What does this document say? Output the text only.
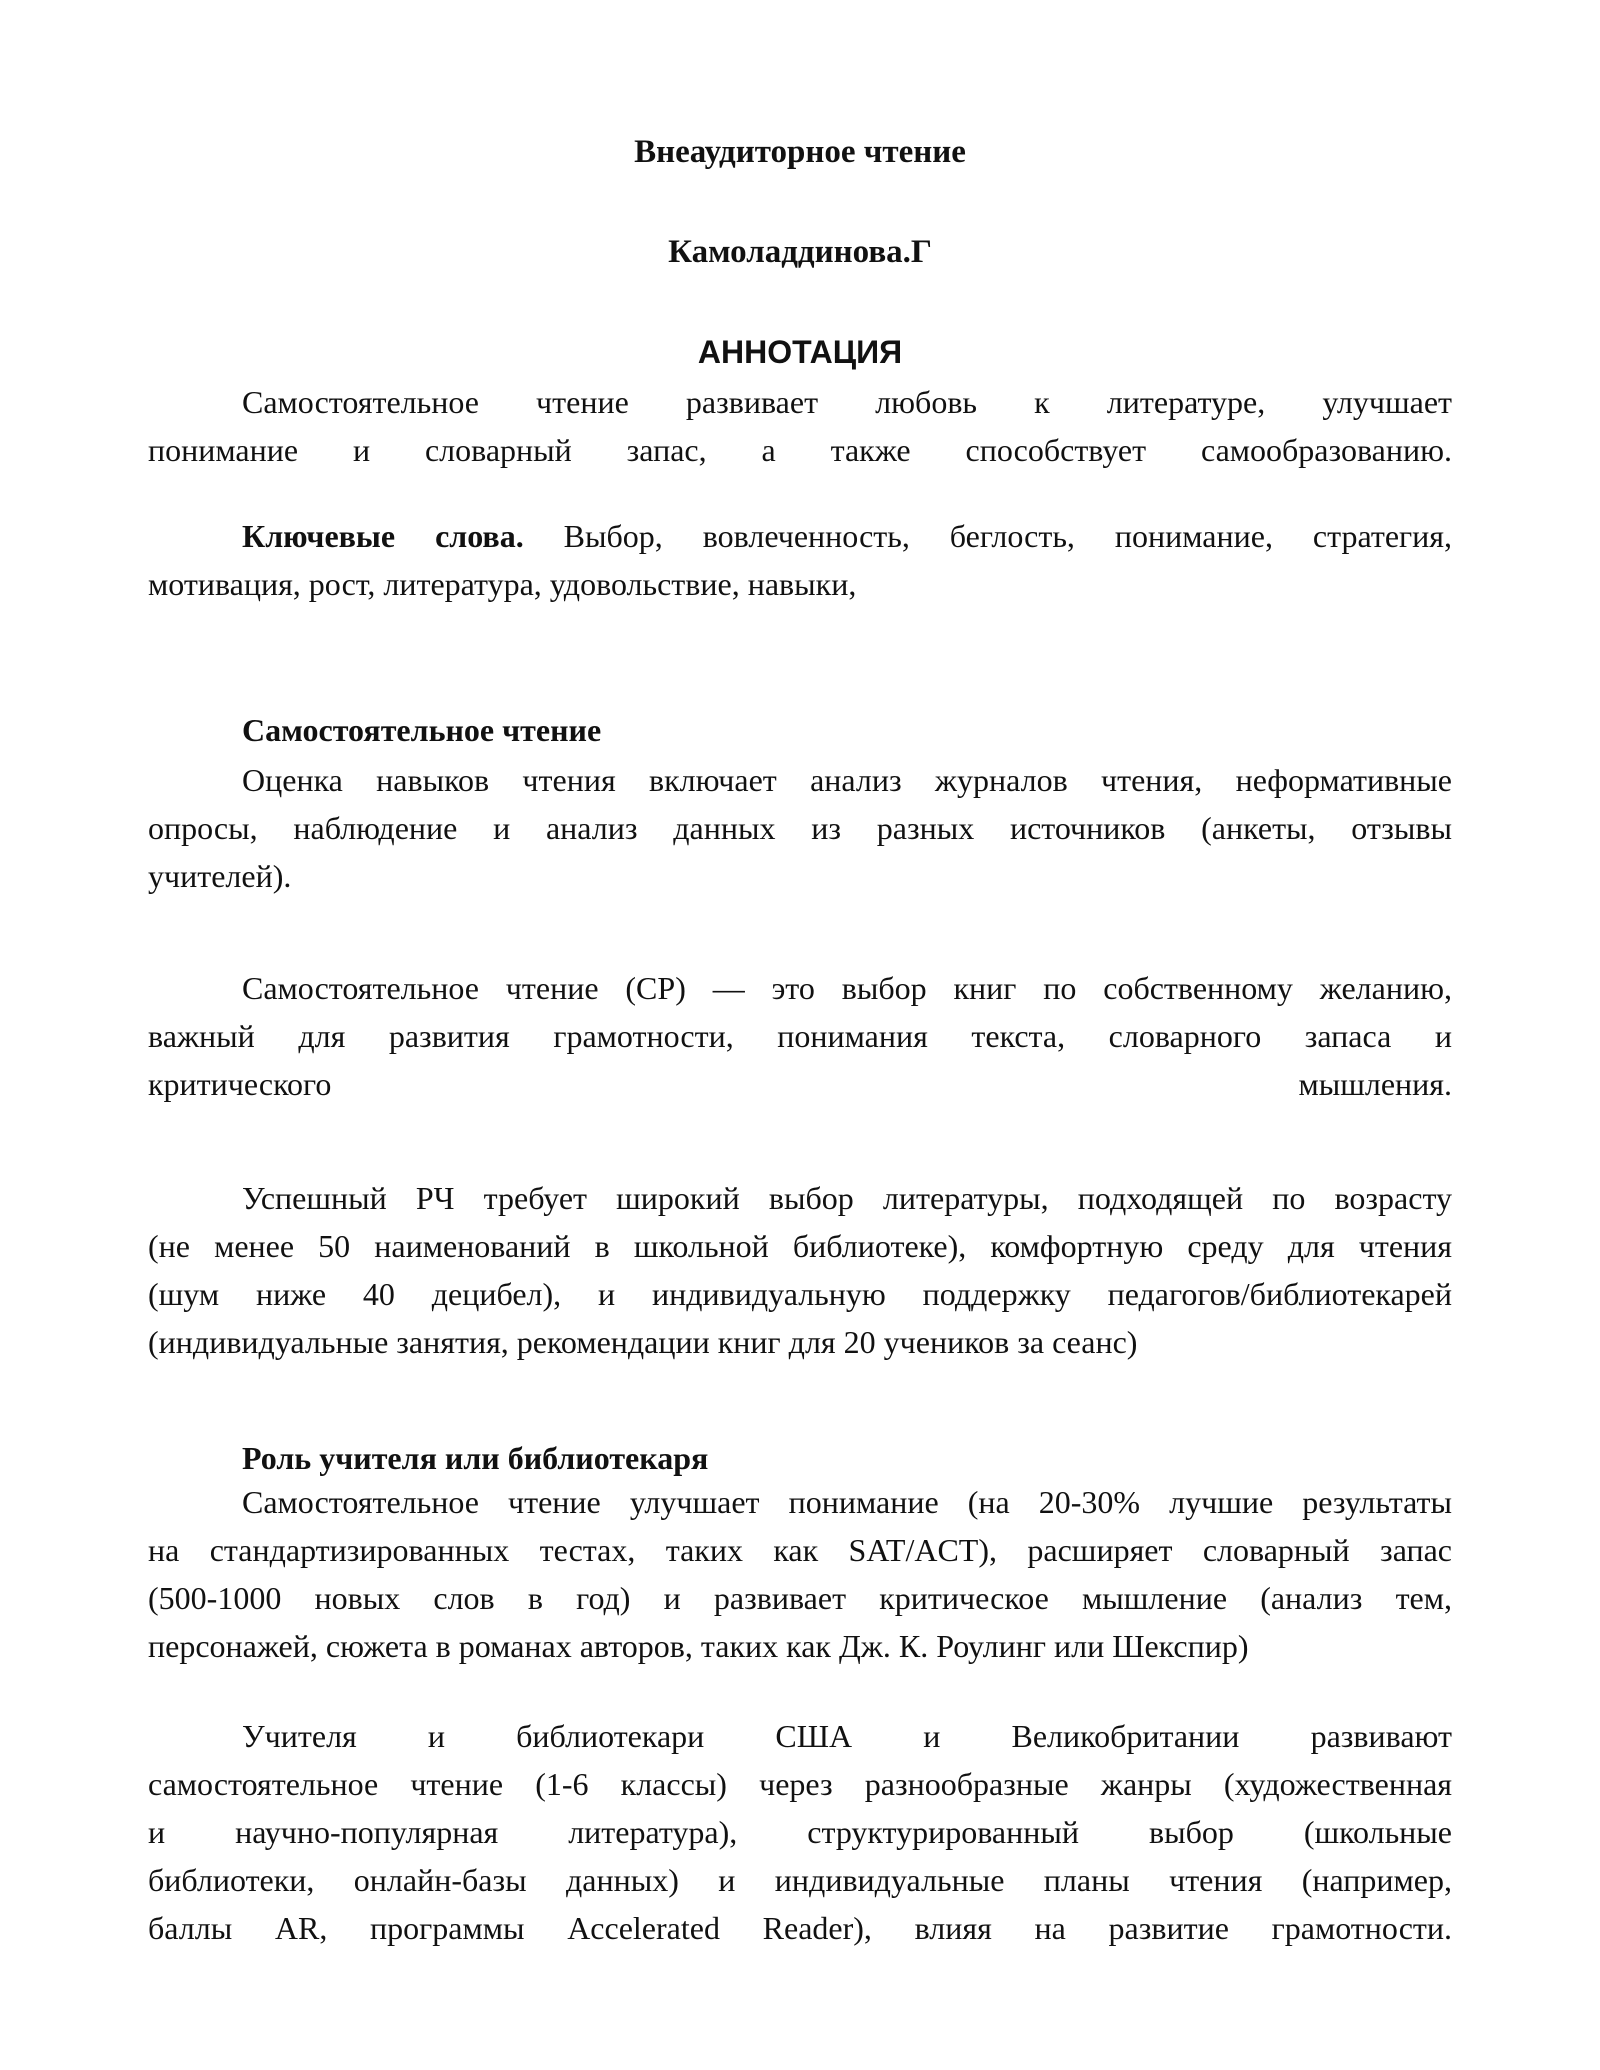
Внеаудиторное чтение
Камоладдинова.Г
АННОТАЦИЯ
Самостоятельное чтение развивает любовь к литературе, улучшает
понимание и словарный запас, а также способствует самообразованию.
Ключевые слова. Выбор, вовлеченность, беглость, понимание, стратегия,
мотивация, рост, литература, удовольствие, навыки,
Самостоятельное чтение
Оценка навыков чтения включает анализ журналов чтения, неформативные
опросы, наблюдение и анализ данных из разных источников (анкеты, отзывы
учителей).
Самостоятельное чтение (СР) — это выбор книг по собственному желанию,
важный для развития грамотности, понимания текста, словарного запаса и
критического мышления.
Успешный РЧ требует широкий выбор литературы, подходящей по возрасту
(не менее 50 наименований в школьной библиотеке), комфортную среду для чтения
(шум ниже 40 децибел), и индивидуальную поддержку педагогов/библиотекарей
(индивидуальные занятия, рекомендации книг для 20 учеников за сеанс)
Роль учителя или библиотекаря
Самостоятельное чтение улучшает понимание (на 20-30% лучшие результаты
на стандартизированных тестах, таких как SAT/ACT), расширяет словарный запас
(500-1000 новых слов в год) и развивает критическое мышление (анализ тем,
персонажей, сюжета в романах авторов, таких как Дж. К. Роулинг или Шекспир)
Учителя и библиотекари США и Великобритании развивают
самостоятельное чтение (1-6 классы) через разнообразные жанры (художественная
и научно-популярная литература), структурированный выбор (школьные
библиотеки, онлайн-базы данных) и индивидуальные планы чтения (например,
баллы AR, программы Accelerated Reader), влияя на развитие грамотности.
